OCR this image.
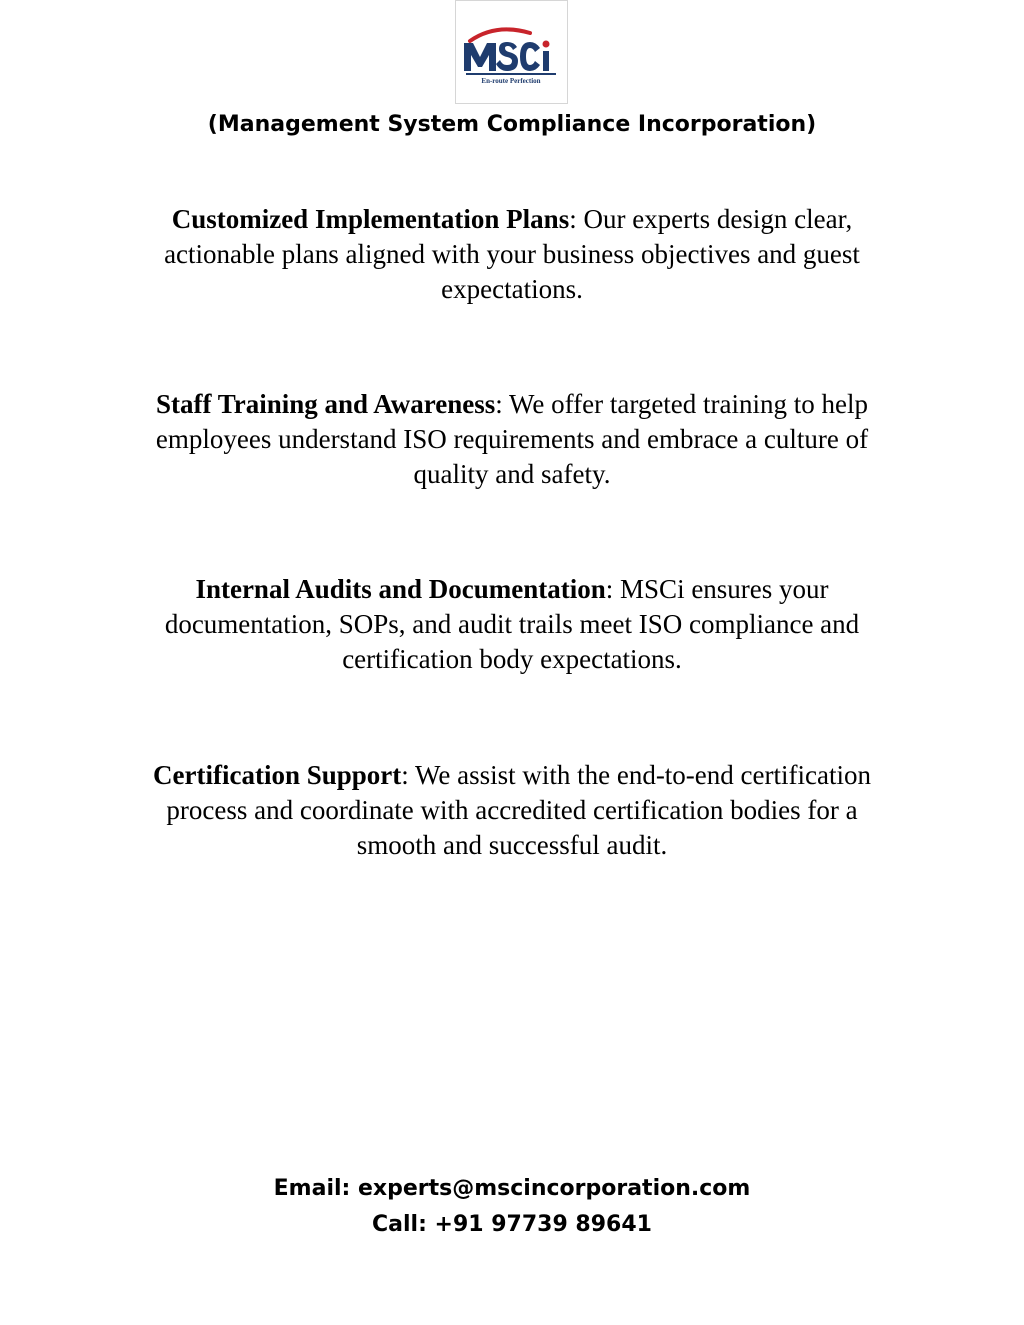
En-route Perfection
(Management System Compliance Incorporation)
Customized Implementation Plans: Our experts design clear, actionable plans aligned with your business objectives and guest expectations.
Staff Training and Awareness: We offer targeted training to help employees understand ISO requirements and embrace a culture of quality and safety.
Internal Audits and Documentation: MSCi ensures your documentation, SOPs, and audit trails meet ISO compliance and certification body expectations.
Certification Support: We assist with the end-to-end certification process and coordinate with accredited certification bodies for a smooth and successful audit.
Email: experts@mscincorporation.com
Call: +91 97739 89641
